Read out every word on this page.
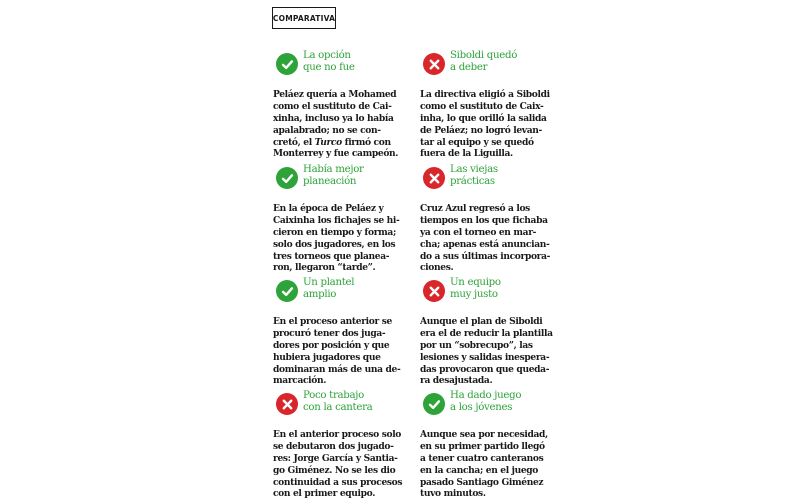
COMPARATIVA
La opción
que no fue
Peláez quería a Mohamed
como el sustituto de Cai-
xinha, incluso ya lo había
apalabrado; no se con-
cretó, el Turco firmó con
Monterrey y fue campeón.
Siboldi quedó
a deber
La directiva eligió a Siboldi
como el sustituto de Caix-
inha, lo que orilló la salida
de Peláez; no logró levan-
tar al equipo y se quedó
fuera de la Liguilla.
Había mejor
planeación
En la época de Peláez y
Caixinha los fichajes se hi-
cieron en tiempo y forma;
solo dos jugadores, en los
tres torneos que planea-
ron, llegaron “tarde”.
Las viejas
prácticas
Cruz Azul regresó a los
tiempos en los que fichaba
ya con el torneo en mar-
cha; apenas está anuncian-
do a sus últimas incorpora-
ciones.
Un plantel
amplio
En el proceso anterior se
procuró tener dos juga-
dores por posición y que
hubiera jugadores que
dominaran más de una de-
marcación.
Un equipo
muy justo
Aunque el plan de Siboldi
era el de reducir la plantilla
por un “sobrecupo”, las
lesiones y salidas inespera-
das provocaron que queda-
ra desajustada.
Poco trabajo
con la cantera
En el anterior proceso solo
se debutaron dos jugado-
res: Jorge García y Santia-
go Giménez. No se les dio
continuidad a sus procesos
con el primer equipo.
Ha dado juego
a los jóvenes
Aunque sea por necesidad,
en su primer partido llegó
a tener cuatro canteranos
en la cancha; en el juego
pasado Santiago Giménez
tuvo minutos.
